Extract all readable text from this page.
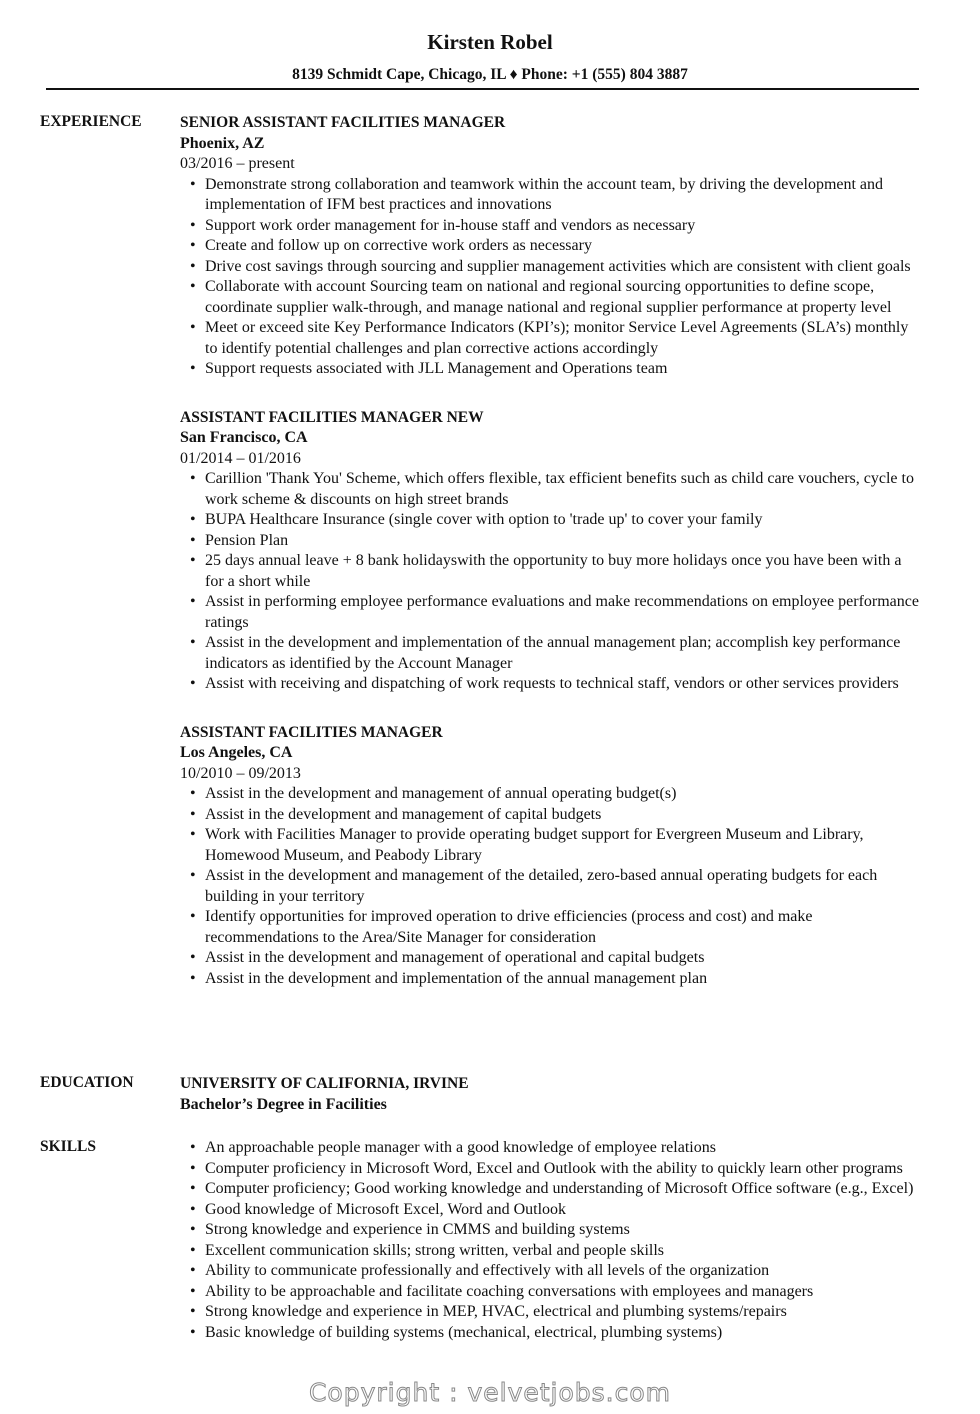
Kirsten Robel
8139 Schmidt Cape, Chicago, IL ♦ Phone: +1 (555) 804 3887
EXPERIENCE SENIOR ASSISTANT FACILITIES MANAGER
Phoenix, AZ
03/2016 – present
• Demonstrate strong collaboration and teamwork within the account team, by driving the development and implementation of IFM best practices and innovations
• Support work order management for in-house staff and vendors as necessary
• Create and follow up on corrective work orders as necessary
• Drive cost savings through sourcing and supplier management activities which are consistent with client goals
• Collaborate with account Sourcing team on national and regional sourcing opportunities to define scope, coordinate supplier walk-through, and manage national and regional supplier performance at property level
• Meet or exceed site Key Performance Indicators (KPI’s); monitor Service Level Agreements (SLA’s) monthly to identify potential challenges and plan corrective actions accordingly
• Support requests associated with JLL Management and Operations team
ASSISTANT FACILITIES MANAGER NEW
San Francisco, CA
01/2014 – 01/2016
• Carillion 'Thank You' Scheme, which offers flexible, tax efficient benefits such as child care vouchers, cycle to work scheme & discounts on high street brands
• BUPA Healthcare Insurance (single cover with option to 'trade up' to cover your family
• Pension Plan
• 25 days annual leave + 8 bank holidayswith the opportunity to buy more holidays once you have been with a for a short while
• Assist in performing employee performance evaluations and make recommendations on employee performance ratings
• Assist in the development and implementation of the annual management plan; accomplish key performance indicators as identified by the Account Manager
• Assist with receiving and dispatching of work requests to technical staff, vendors or other services providers
ASSISTANT FACILITIES MANAGER
Los Angeles, CA
10/2010 – 09/2013
• Assist in the development and management of annual operating budget(s)
• Assist in the development and management of capital budgets
• Work with Facilities Manager to provide operating budget support for Evergreen Museum and Library, Homewood Museum, and Peabody Library
• Assist in the development and management of the detailed, zero-based annual operating budgets for each building in your territory
• Identify opportunities for improved operation to drive efficiencies (process and cost) and make recommendations to the Area/Site Manager for consideration
• Assist in the development and management of operational and capital budgets
• Assist in the development and implementation of the annual management plan
EDUCATION	UNIVERSITY OF CALIFORNIA, IRVINE
Bachelor’s Degree in Facilities
SKILLS	• An approachable people manager with a good knowledge of employee relations
• Computer proficiency in Microsoft Word, Excel and Outlook with the ability to quickly learn other programs
• Computer proficiency; Good working knowledge and understanding of Microsoft Office software (e.g., Excel)
• Good knowledge of Microsoft Excel, Word and Outlook
• Strong knowledge and experience in CMMS and building systems
• Excellent communication skills; strong written, verbal and people skills
• Ability to communicate professionally and effectively with all levels of the organization
• Ability to be approachable and facilitate coaching conversations with employees and managers
• Strong knowledge and experience in MEP, HVAC, electrical and plumbing systems/repairs
• Basic knowledge of building systems (mechanical, electrical, plumbing systems)
Copyright : velvetjobs.com
